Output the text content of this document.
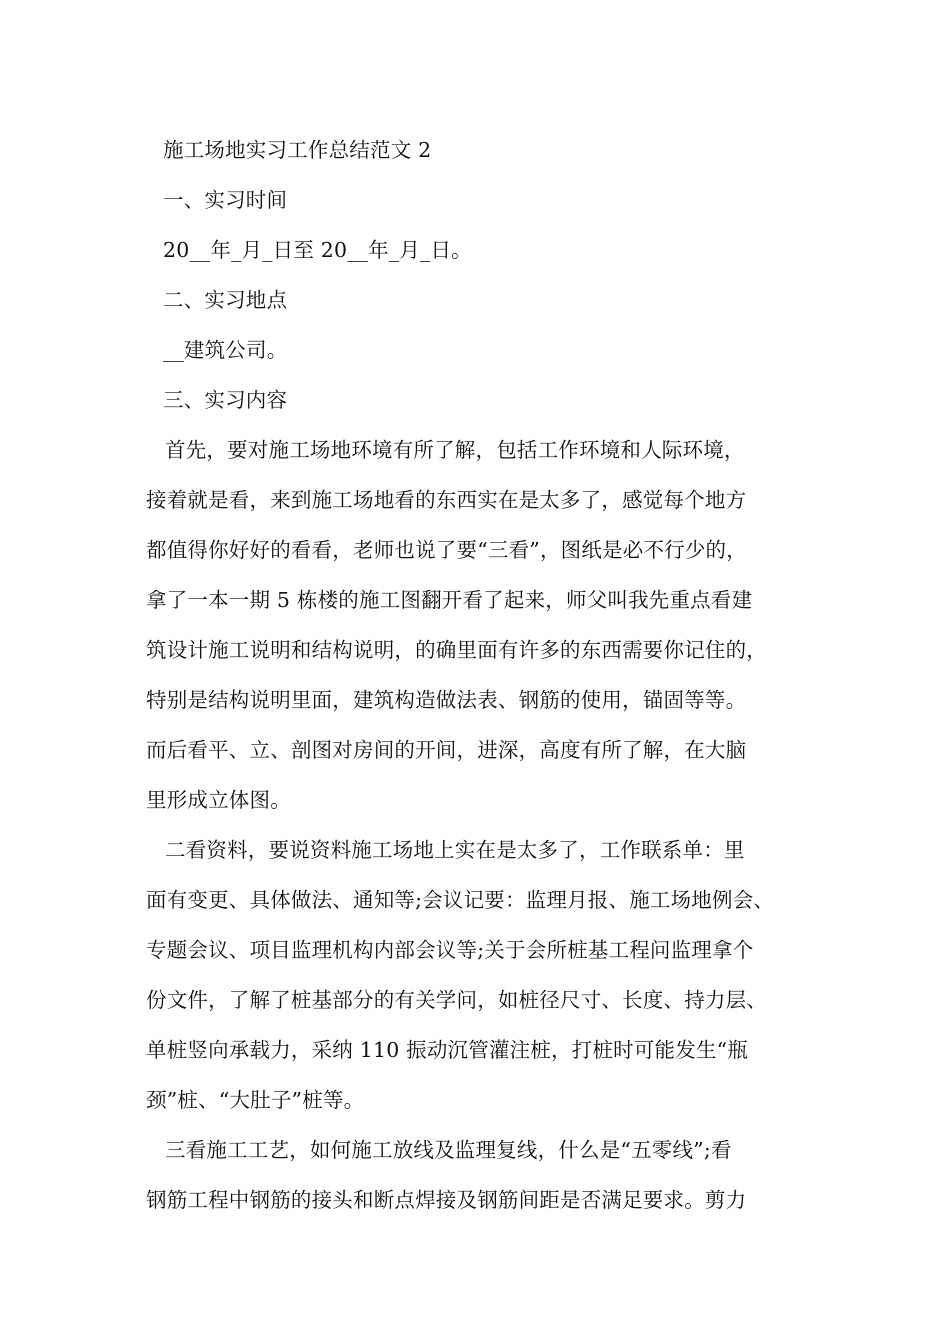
施工场地实习工作总结范文 2
一、实习时间
20__年_月_日至 20__年_月_日。
二、实习地点
__建筑公司。
三、实习内容
首先，要对施工场地环境有所了解，包括工作环境和人际环境，
接着就是看，来到施工场地看的东西实在是太多了，感觉每个地方
都值得你好好的看看，老师也说了要“三看”，图纸是必不行少的，
拿了一本一期 5 栋楼的施工图翻开看了起来，师父叫我先重点看建
筑设计施工说明和结构说明，的确里面有许多的东西需要你记住的，
特别是结构说明里面，建筑构造做法表、钢筋的使用，锚固等等。
而后看平、立、剖图对房间的开间，进深，高度有所了解，在大脑
里形成立体图。
二看资料，要说资料施工场地上实在是太多了，工作联系单：里
面有变更、具体做法、通知等;会议记要：监理月报、施工场地例会、
专题会议、项目监理机构内部会议等;关于会所桩基工程问监理拿个
份文件，了解了桩基部分的有关学问，如桩径尺寸、长度、持力层、
单桩竖向承载力，采纳 110 振动沉管灌注桩，打桩时可能发生“瓶
颈”桩、“大肚子”桩等。
三看施工工艺，如何施工放线及监理复线，什么是“五零线”;看
钢筋工程中钢筋的接头和断点焊接及钢筋间距是否满足要求。剪力
